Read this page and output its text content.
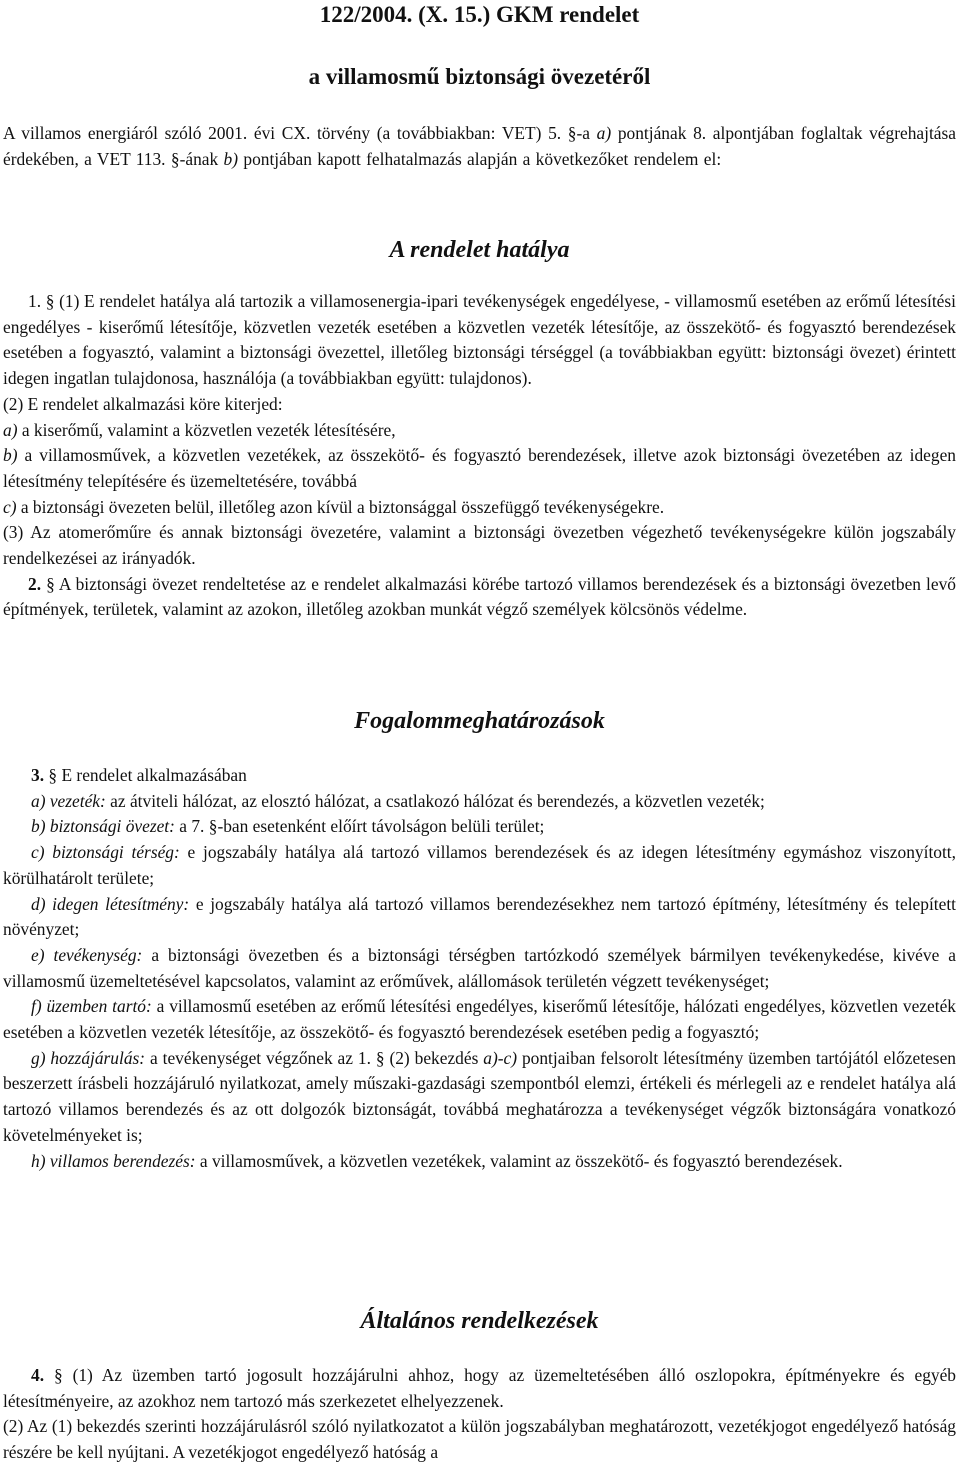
122/2004. (X. 15.) GKM rendelet
a villamosmű biztonsági övezetéről

A villamos energiáról szóló 2001. évi CX. törvény (a továbbiakban: VET) 5. §-a a) pontjának 8. alpontjában foglaltak végrehajtása érdekében, a VET 113. §-ának b) pontjában kapott felhatalmazás alapján a következőket rendelem el:

A rendelet hatálya

1. § (1) E rendelet hatálya alá tartozik a villamosenergia-ipari tevékenységek engedélyese, - villamosmű esetében az erőmű létesítési engedélyes - kiserőmű létesítője, közvetlen vezeték esetében a közvetlen vezeték létesítője, az összekötő- és fogyasztó berendezések esetében a fogyasztó, valamint a biztonsági övezettel, illetőleg biztonsági térséggel (a továbbiakban együtt: biztonsági övezet) érintett idegen ingatlan tulajdonosa, használója (a továbbiakban együtt: tulajdonos).

(2) E rendelet alkalmazási köre kiterjed:

a) a kiserőmű, valamint a közvetlen vezeték létesítésére,

b) a villamosművek, a közvetlen vezetékek, az összekötő- és fogyasztó berendezések, illetve azok biztonsági övezetében az idegen létesítmény telepítésére és üzemeltetésére, továbbá

c) a biztonsági övezeten belül, illetőleg azon kívül a biztonsággal összefüggő tevékenységekre.

(3) Az atomerőműre és annak biztonsági övezetére, valamint a biztonsági övezetben végezhető tevékenységekre külön jogszabály rendelkezései az irányadók.

2. § A biztonsági övezet rendeltetése az e rendelet alkalmazási körébe tartozó villamos berendezések és a biztonsági övezetben levő építmények, területek, valamint az azokon, illetőleg azokban munkát végző személyek kölcsönös védelme.

Fogalommeghatározások

3. § E rendelet alkalmazásában

a) vezeték: az átviteli hálózat, az elosztó hálózat, a csatlakozó hálózat és berendezés, a közvetlen vezeték;

b) biztonsági övezet: a 7. §-ban esetenként előírt távolságon belüli terület;

c) biztonsági térség: e jogszabály hatálya alá tartozó villamos berendezések és az idegen létesítmény egymáshoz viszonyított, körülhatárolt területe;

d) idegen létesítmény: e jogszabály hatálya alá tartozó villamos berendezésekhez nem tartozó építmény, létesítmény és telepített növényzet;

e) tevékenység: a biztonsági övezetben és a biztonsági térségben tartózkodó személyek bármilyen tevékenykedése, kivéve a villamosmű üzemeltetésével kapcsolatos, valamint az erőművek, alállomások területén végzett tevékenységet;

f) üzemben tartó: a villamosmű esetében az erőmű létesítési engedélyes, kiserőmű létesítője, hálózati engedélyes, közvetlen vezeték esetében a közvetlen vezeték létesítője, az összekötő- és fogyasztó berendezések esetében pedig a fogyasztó;

g) hozzájárulás: a tevékenységet végzőnek az 1. § (2) bekezdés a)-c) pontjaiban felsorolt létesítmény üzemben tartójától előzetesen beszerzett írásbeli hozzájáruló nyilatkozat, amely műszaki-gazdasági szempontból elemzi, értékeli és mérlegeli az e rendelet hatálya alá tartozó villamos berendezés és az ott dolgozók biztonságát, továbbá meghatározza a tevékenységet végzők biztonságára vonatkozó követelményeket is;

h) villamos berendezés: a villamosművek, a közvetlen vezetékek, valamint az összekötő- és fogyasztó berendezések.

Általános rendelkezések

4. § (1) Az üzemben tartó jogosult hozzájárulni ahhoz, hogy az üzemeltetésében álló oszlopokra, építményekre és egyéb létesítményeire, az azokhoz nem tartozó más szerkezetet elhelyezzenek.

(2) Az (1) bekezdés szerinti hozzájárulásról szóló nyilatkozatot a külön jogszabályban meghatározott, vezetékjogot engedélyező hatóság részére be kell nyújtani. A vezetékjogot engedélyező hatóság a
